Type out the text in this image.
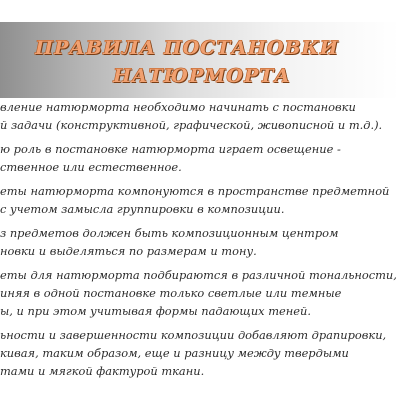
ПРАВИЛА ПОСТАНОВКИ
НАТЮРМОРТА

вление натюрморта необходимо начинать с постановки
й задачи (конструктивной, графической, живописной и т.д.).

ю роль в постановке натюрморта играет освещение -
ственное или естественное.

еты натюрморта компонуются в пространстве предметной
с учетом замысла группировки в композиции.

з предметов должен быть композиционным центром
новки и выделяться по размерам и тону.

еты для натюрморта подбираются в различной тональности,
иняя в одной постановке только светлые или темные
ы, и при этом учитывая формы падающих теней.

ьности и завершенности композиции добавляют драпировки,
кивая, таким образом, еще и разницу между твердыми
тами и мягкой фактурой ткани.
